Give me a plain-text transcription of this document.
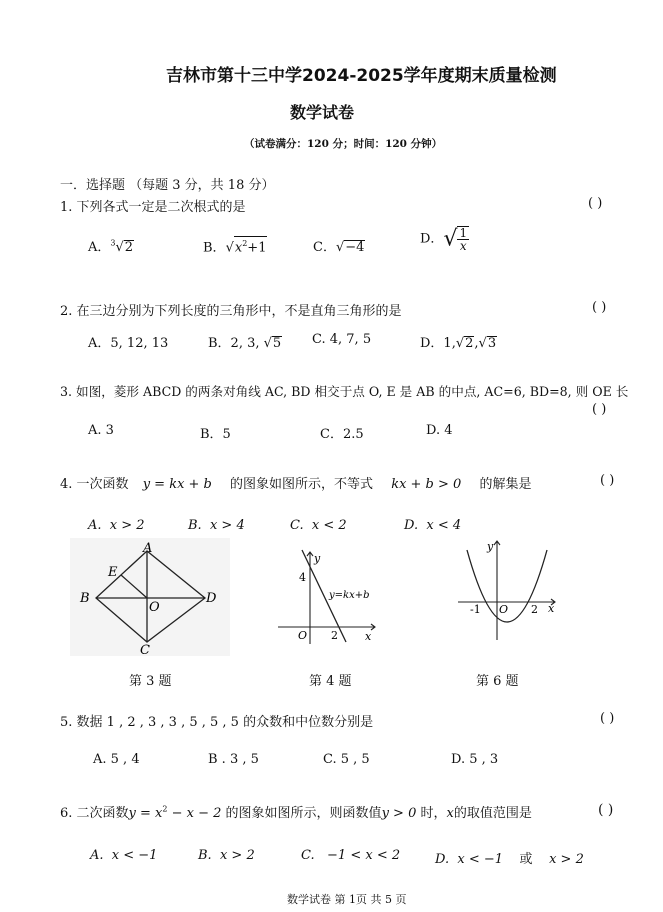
吉林市第十三中学2024-2025学年度期末质量检测
数学试卷
（试卷满分：120 分；时间：120 分钟）
一．选择题 （每题 3 分，共 18 分）
1. 下列各式一定是二次根式的是	( )
A．$^3$√2	B．$√x^2+1$	C．√−4
D．√ $\frac{1}{x}$
2. 在三边分别为下列长度的三角形中，不是直角三角形的是	( )
A．5, 12, 13	B．2, 3, √5 C. 4, 7, 5	D．1,√2,√3
3. 如图，菱形 ABCD 的两条对角线 AC, BD 相交于点 O, E 是 AB 的中点, AC=6, BD=8, 则 OE 长
( )
A. 3	B．5	C．2.5	D. 4
4. 一次函数 y = kx + b 的图象如图所示，不等式 kx + b > 0 的解集是	( )
A. x > 2	B. x > 4	C. x < 2	D. x < 4
A
B
C
D
E
O
第 3 题
y
x
O
4
2
y=kx+b
第 4 题
y
x
O
-1	2
第 6 题
5. 数据 1 , 2 , 3 , 3 , 5 , 5 , 5 的众数和中位数分别是	( )
A. 5 , 4	B . 3 , 5	C. 5 , 5	D. 5 , 3
6. 二次函数$y = x^2 - x - 2$ 的图象如图所示，则函数值y > 0 时，x的取值范围是	( )
A. x < −1	B. x > 2	C. −1 < x < 2	D. x < −1 或 x > 2
数学试卷 第 1页 共 5 页
